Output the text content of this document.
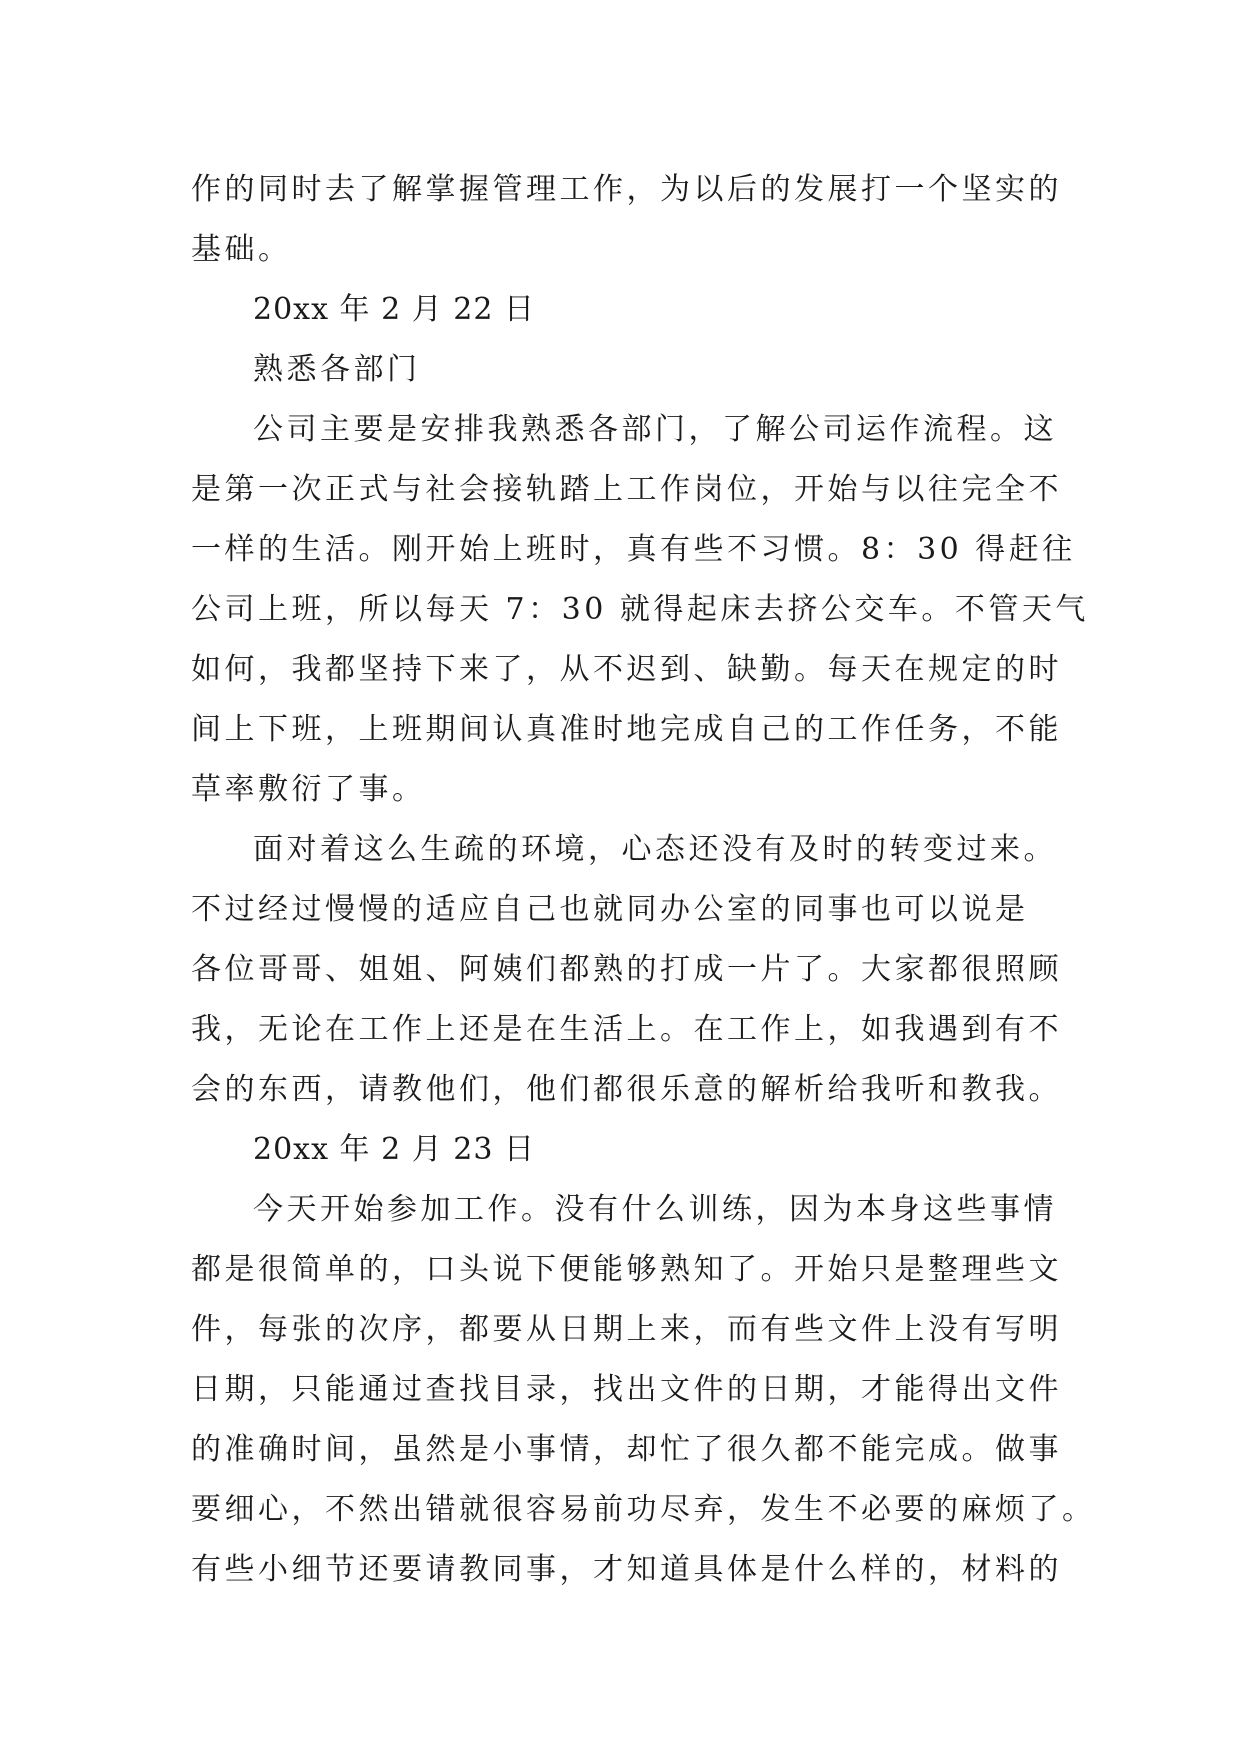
作的同时去了解掌握管理工作，为以后的发展打一个坚实的
基础。
20xx 年 2 月 22 日
熟悉各部门
公司主要是安排我熟悉各部门，了解公司运作流程。这
是第一次正式与社会接轨踏上工作岗位，开始与以往完全不
一样的生活。刚开始上班时，真有些不习惯。8：30 得赶往
公司上班，所以每天 7：30 就得起床去挤公交车。不管天气
如何，我都坚持下来了，从不迟到、缺勤。每天在规定的时
间上下班，上班期间认真准时地完成自己的工作任务，不能
草率敷衍了事。
面对着这么生疏的环境，心态还没有及时的转变过来。
不过经过慢慢的适应自己也就同办公室的同事也可以说是
各位哥哥、姐姐、阿姨们都熟的打成一片了。大家都很照顾
我，无论在工作上还是在生活上。在工作上，如我遇到有不
会的东西，请教他们，他们都很乐意的解析给我听和教我。
20xx 年 2 月 23 日
今天开始参加工作。没有什么训练，因为本身这些事情
都是很简单的，口头说下便能够熟知了。开始只是整理些文
件，每张的次序，都要从日期上来，而有些文件上没有写明
日期，只能通过查找目录，找出文件的日期，才能得出文件
的准确时间，虽然是小事情，却忙了很久都不能完成。做事
要细心，不然出错就很容易前功尽弃，发生不必要的麻烦了。
有些小细节还要请教同事，才知道具体是什么样的，材料的
